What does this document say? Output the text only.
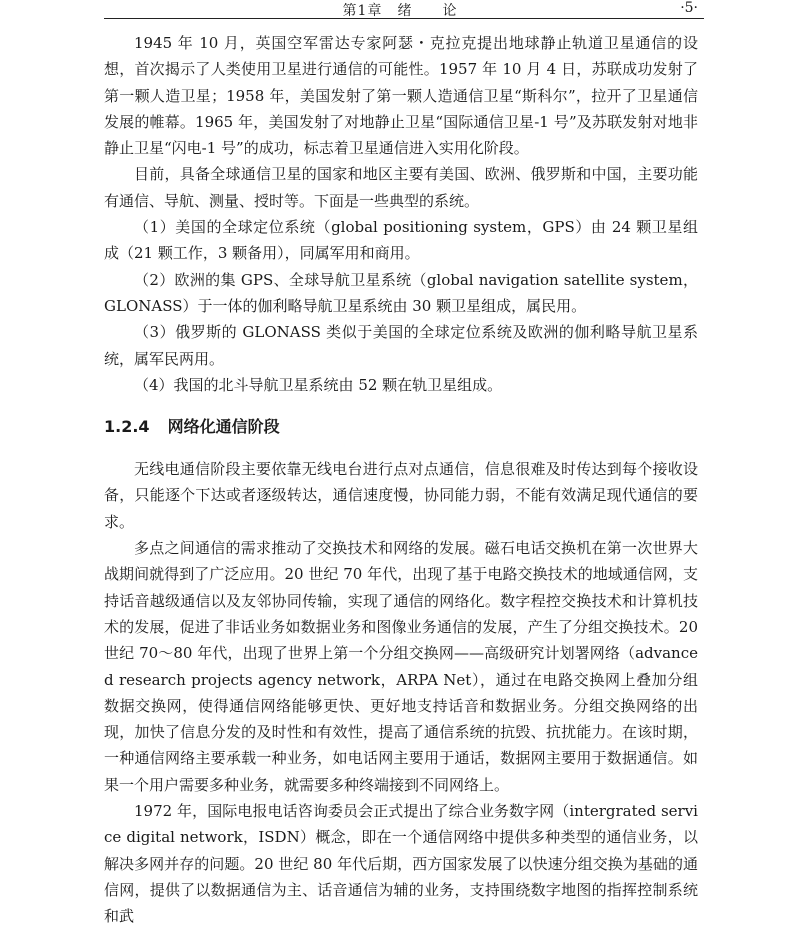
第1章　绪　　论	·5·

1945 年 10 月，英国空军雷达专家阿瑟・克拉克提出地球静止轨道卫星通信的设想，首次揭示了人类使用卫星进行通信的可能性。1957 年 10 月 4 日，苏联成功发射了第一颗人造卫星；1958 年，美国发射了第一颗人造通信卫星“斯科尔”，拉开了卫星通信发展的帷幕。1965 年，美国发射了对地静止卫星“国际通信卫星-1 号”及苏联发射对地非静止卫星“闪电-1 号”的成功，标志着卫星通信进入实用化阶段。

目前，具备全球通信卫星的国家和地区主要有美国、欧洲、俄罗斯和中国，主要功能有通信、导航、测量、授时等。下面是一些典型的系统。

（1）美国的全球定位系统（global positioning system，GPS）由 24 颗卫星组成（21 颗工作，3 颗备用），同属军用和商用。

（2）欧洲的集 GPS、全球导航卫星系统（global navigation satellite system，GLONASS）于一体的伽利略导航卫星系统由 30 颗卫星组成，属民用。

（3）俄罗斯的 GLONASS 类似于美国的全球定位系统及欧洲的伽利略导航卫星系统，属军民两用。

（4）我国的北斗导航卫星系统由 52 颗在轨卫星组成。

1.2.4 网络化通信阶段

无线电通信阶段主要依靠无线电台进行点对点通信，信息很难及时传达到每个接收设备，只能逐个下达或者逐级转达，通信速度慢，协同能力弱，不能有效满足现代通信的要求。

多点之间通信的需求推动了交换技术和网络的发展。磁石电话交换机在第一次世界大战期间就得到了广泛应用。20 世纪 70 年代，出现了基于电路交换技术的地域通信网，支持话音越级通信以及友邻协同传输，实现了通信的网络化。数字程控交换技术和计算机技术的发展，促进了非话业务如数据业务和图像业务通信的发展，产生了分组交换技术。20 世纪 70～80 年代，出现了世界上第一个分组交换网——高级研究计划署网络（advanced research projects agency network，ARPA Net），通过在电路交换网上叠加分组数据交换网，使得通信网络能够更快、更好地支持话音和数据业务。分组交换网络的出现，加快了信息分发的及时性和有效性，提高了通信系统的抗毁、抗扰能力。在该时期，一种通信网络主要承载一种业务，如电话网主要用于通话，数据网主要用于数据通信。如果一个用户需要多种业务，就需要多种终端接到不同网络上。

1972 年，国际电报电话咨询委员会正式提出了综合业务数字网（intergrated service digital network，ISDN）概念，即在一个通信网络中提供多种类型的通信业务，以解决多网并存的问题。20 世纪 80 年代后期，西方国家发展了以快速分组交换为基础的通信网，提供了以数据通信为主、话音通信为辅的业务，支持围绕数字地图的指挥控制系统和武
